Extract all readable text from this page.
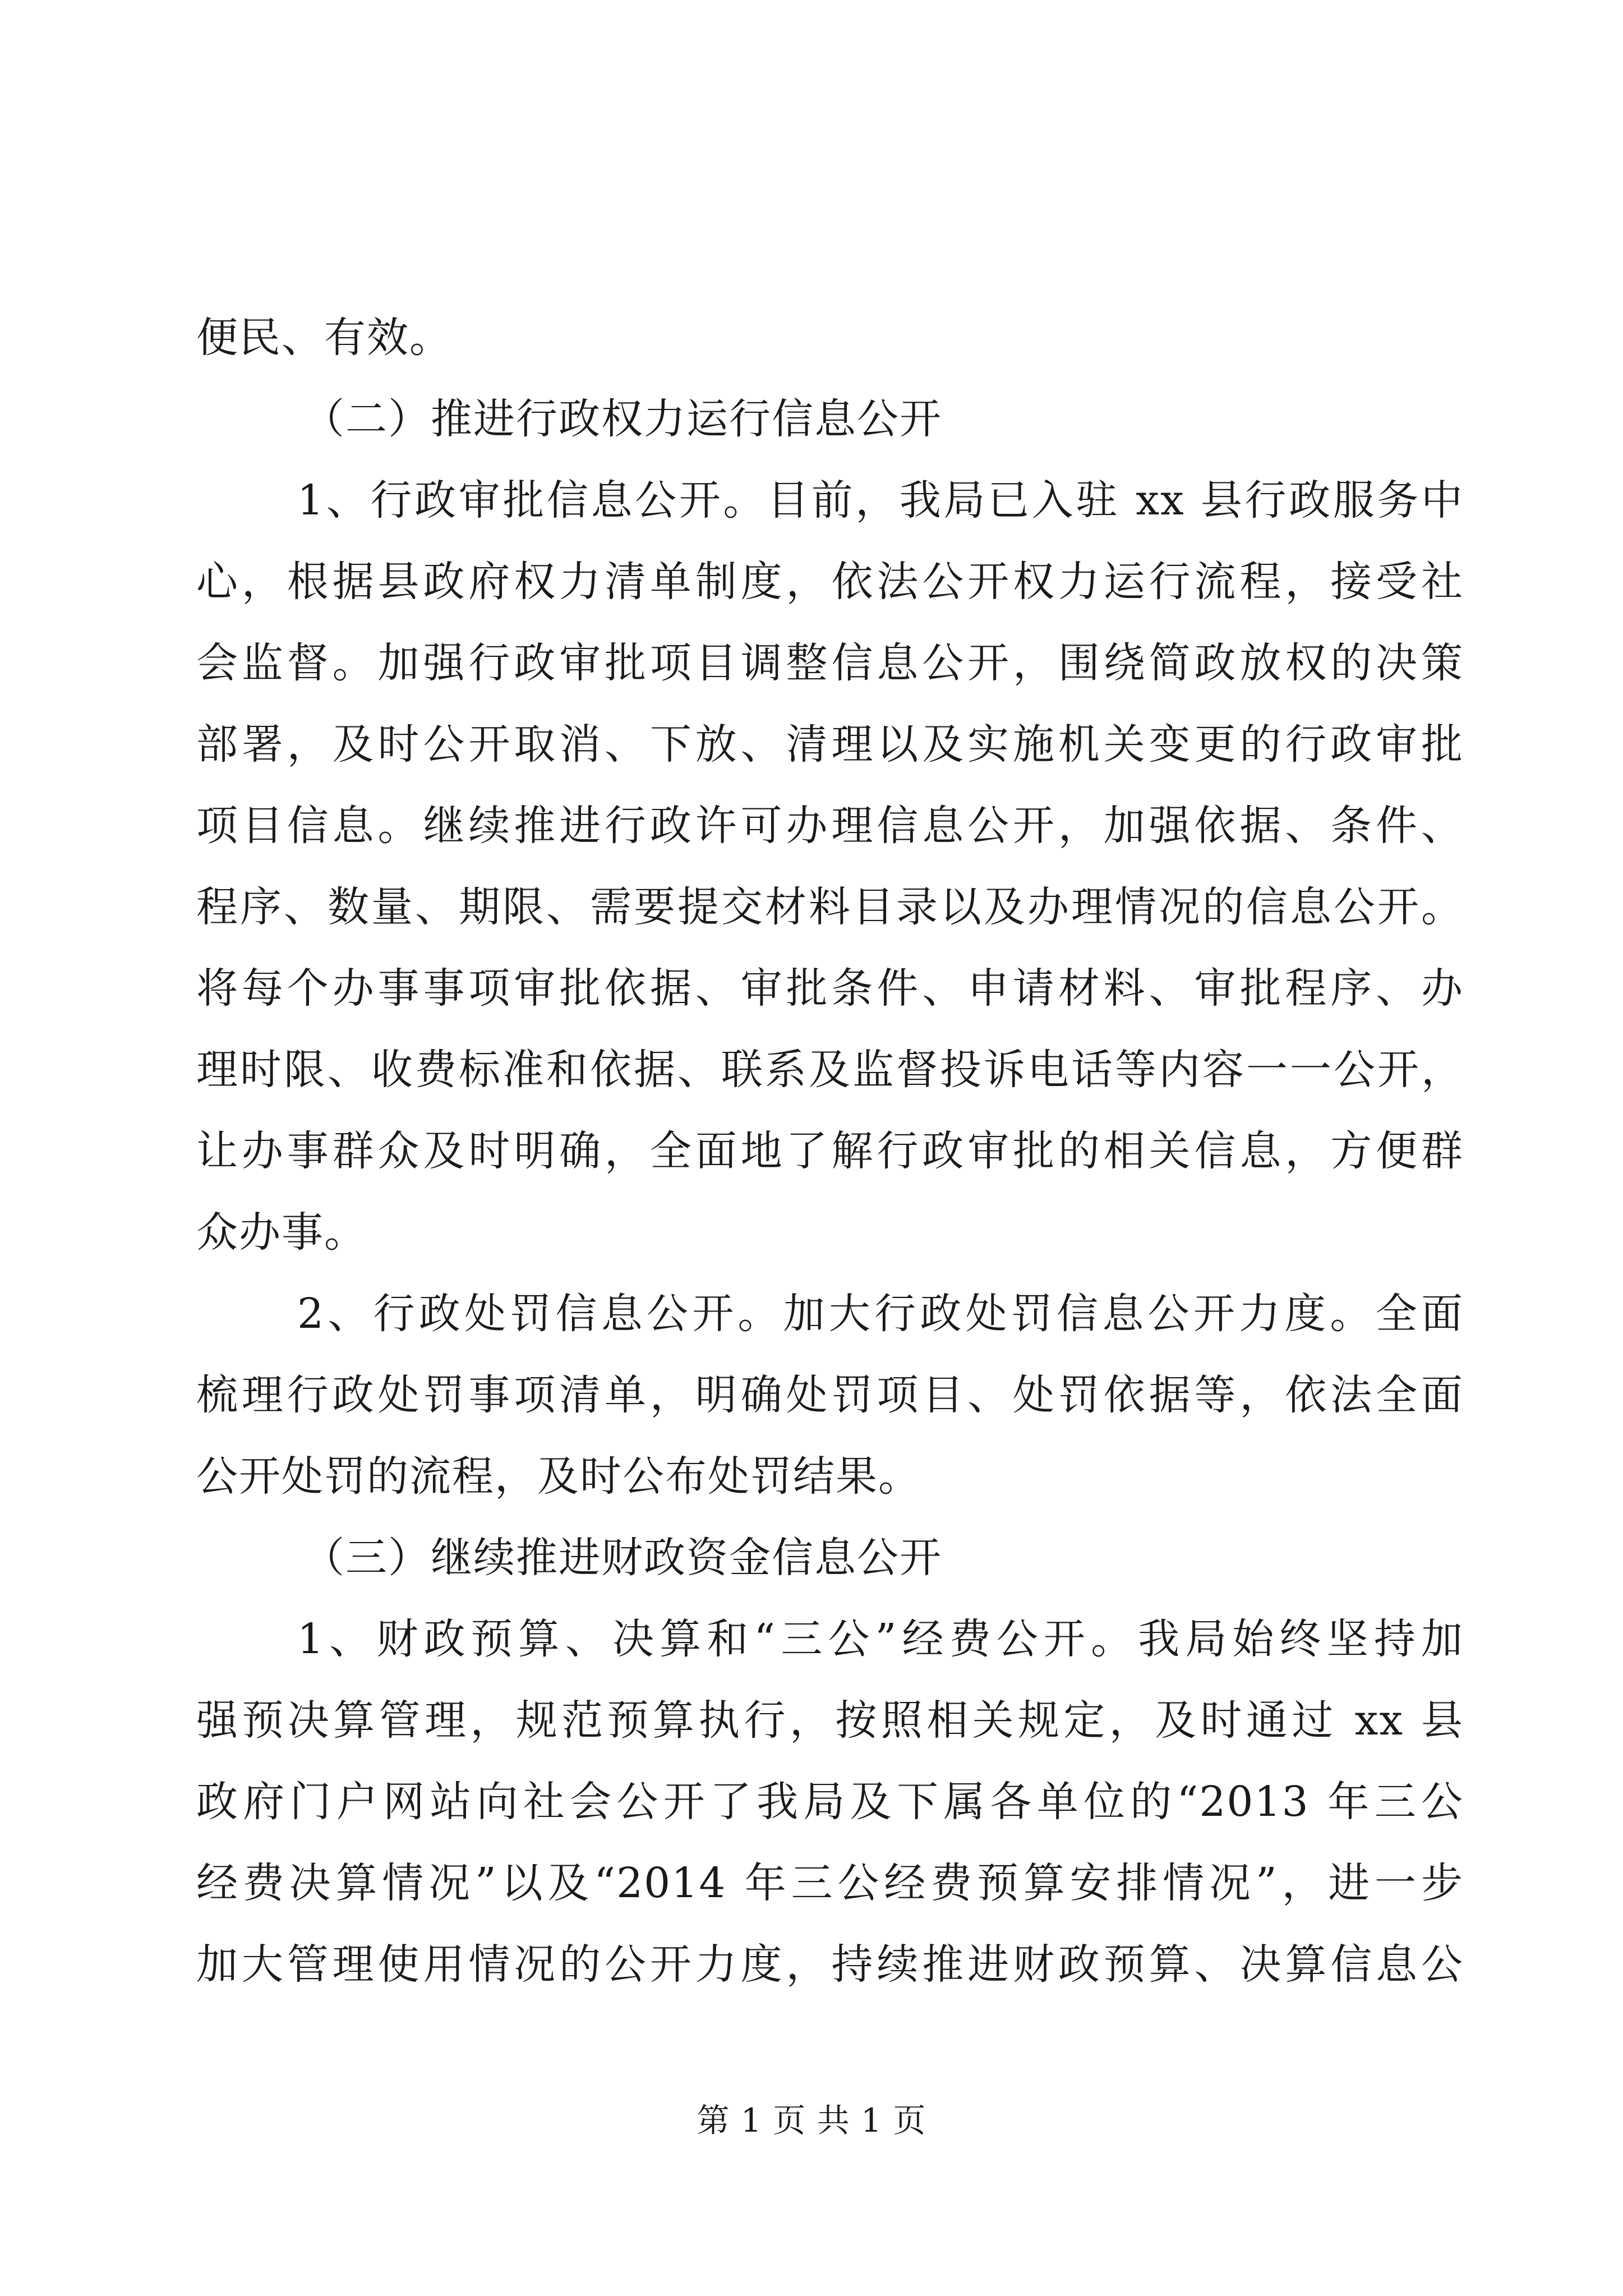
便民、有效。
（二）推进行政权力运行信息公开
1、行政审批信息公开。目前，我局已入驻 xx 县行政服务中
心，根据县政府权力清单制度，依法公开权力运行流程，接受社
会监督。加强行政审批项目调整信息公开，围绕简政放权的决策
部署，及时公开取消、下放、清理以及实施机关变更的行政审批
项目信息。继续推进行政许可办理信息公开，加强依据、条件、
程序、数量、期限、需要提交材料目录以及办理情况的信息公开。
将每个办事事项审批依据、审批条件、申请材料、审批程序、办
理时限、收费标准和依据、联系及监督投诉电话等内容一一公开，
让办事群众及时明确，全面地了解行政审批的相关信息，方便群
众办事。
2、行政处罚信息公开。加大行政处罚信息公开力度。全面
梳理行政处罚事项清单，明确处罚项目、处罚依据等，依法全面
公开处罚的流程，及时公布处罚结果。
（三）继续推进财政资金信息公开
1、财政预算、决算和“三公”经费公开。我局始终坚持加
强预决算管理，规范预算执行，按照相关规定，及时通过 xx 县
政府门户网站向社会公开了我局及下属各单位的“2013 年三公
经费决算情况”以及“2014 年三公经费预算安排情况”，进一步
加大管理使用情况的公开力度，持续推进财政预算、决算信息公
第 1 页 共 1 页
